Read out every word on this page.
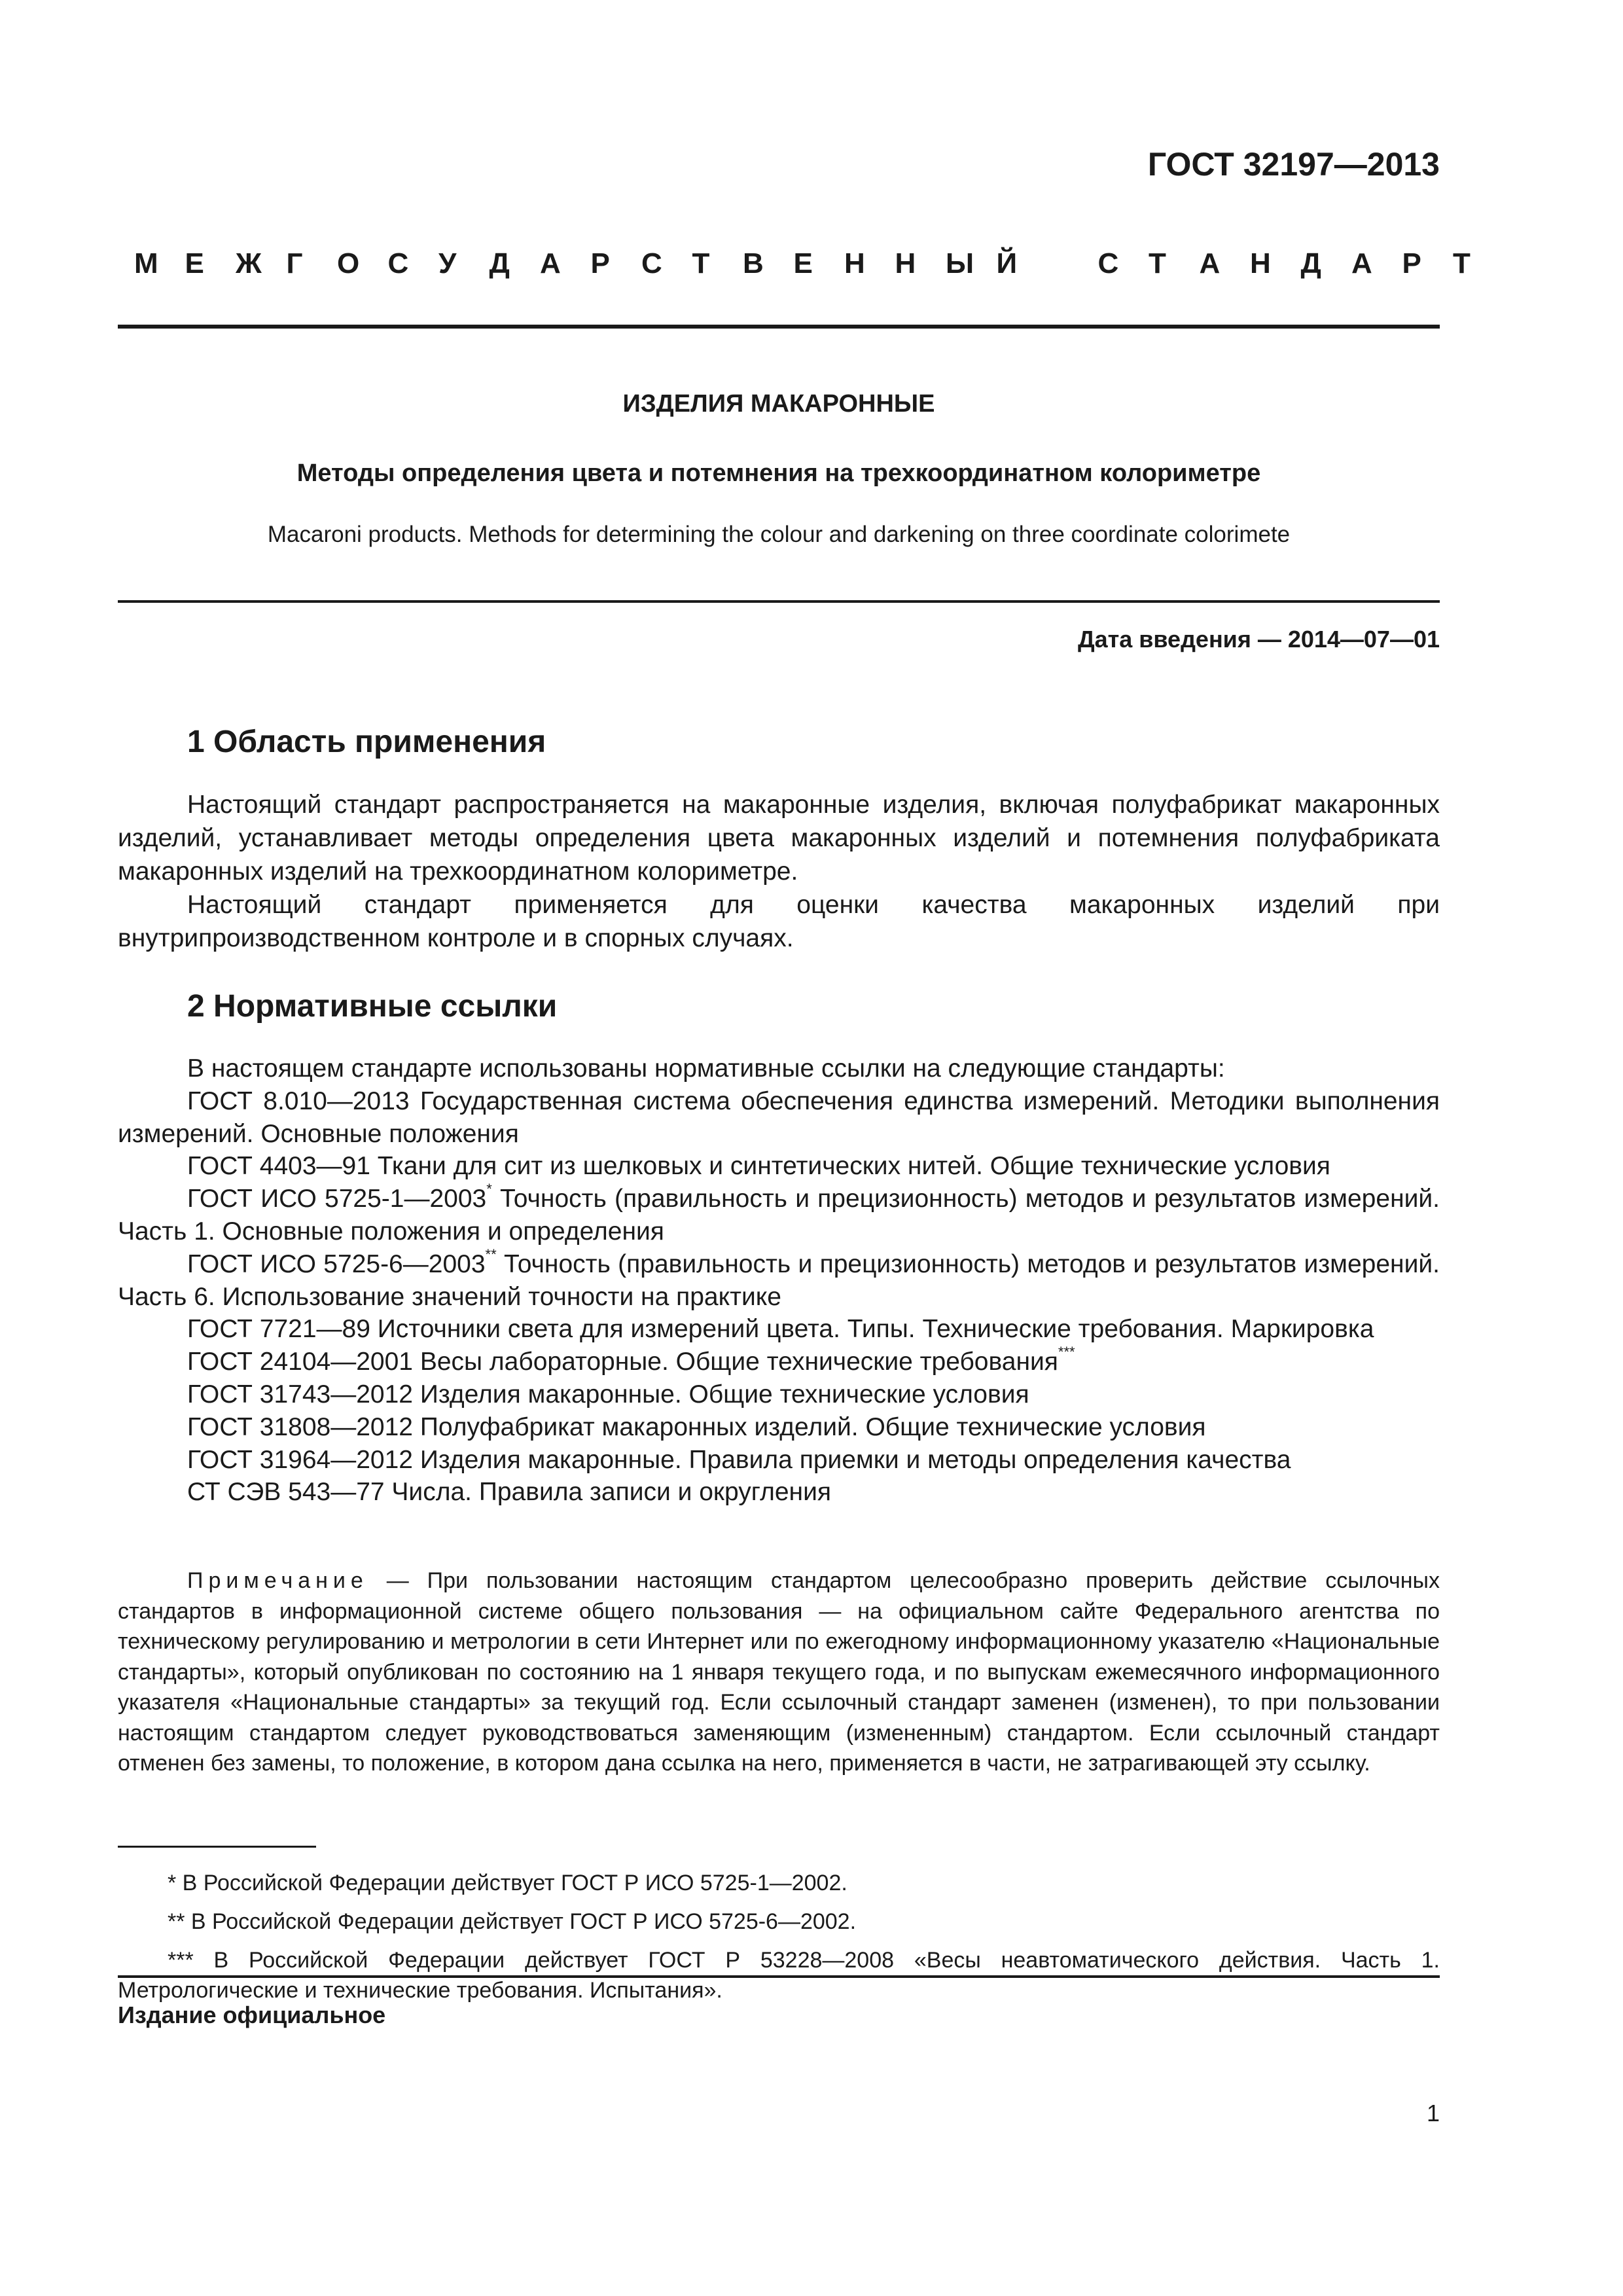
ГОСТ 32197—2013
М Е Ж Г О С У Д А Р С Т В Е Н Н Ы Й	С Т А Н Д А Р Т
ИЗДЕЛИЯ МАКАРОННЫЕ
Методы определения цвета и потемнения на трехкоординатном колориметре
Macaroni products. Methods for determining the colour and darkening on three coordinate colorimete
Дата введения — 2014—07—01
1 Область применения

Настоящий стандарт распространяется на макаронные изделия, включая полуфабрикат макаронных изделий, устанавливает методы определения цвета макаронных изделий и потемнения полуфабриката макаронных изделий на трехкоординатном колориметре.

Настоящий стандарт применяется для оценки качества макаронных изделий при внутрипроизводственном контроле и в спорных случаях.

2 Нормативные ссылки

В настоящем стандарте использованы нормативные ссылки на следующие стандарты:

ГОСТ 8.010—2013 Государственная система обеспечения единства измерений. Методики выполнения измерений. Основные положения

ГОСТ 4403—91 Ткани для сит из шелковых и синтетических нитей. Общие технические условия

ГОСТ ИСО 5725-1—2003* Точность (правильность и прецизионность) методов и результатов измерений. Часть 1. Основные положения и определения

ГОСТ ИСО 5725-6—2003** Точность (правильность и прецизионность) методов и результатов измерений. Часть 6. Использование значений точности на практике

ГОСТ 7721—89 Источники света для измерений цвета. Типы. Технические требования. Маркировка

ГОСТ 24104—2001 Весы лабораторные. Общие технические требования***

ГОСТ 31743—2012 Изделия макаронные. Общие технические условия

ГОСТ 31808—2012 Полуфабрикат макаронных изделий. Общие технические условия

ГОСТ 31964—2012 Изделия макаронные. Правила приемки и методы определения качества

СТ СЭВ 543—77 Числа. Правила записи и округления

Примечание — При пользовании настоящим стандартом целесообразно проверить действие ссылочных стандартов в информационной системе общего пользования — на официальном сайте Федерального агентства по техническому регулированию и метрологии в сети Интернет или по ежегодному информационному указателю «Национальные стандарты», который опубликован по состоянию на 1 января текущего года, и по выпускам ежемесячного информационного указателя «Национальные стандарты» за текущий год. Если ссылочный стандарт заменен (изменен), то при пользовании настоящим стандартом следует руководствоваться заменяющим (измененным) стандартом. Если ссылочный стандарт отменен без замены, то положение, в котором дана ссылка на него, применяется в части, не затрагивающей эту ссылку.

* В Российской Федерации действует ГОСТ Р ИСО 5725-1—2002.

** В Российской Федерации действует ГОСТ Р ИСО 5725-6—2002.

*** В Российской Федерации действует ГОСТ Р 53228—2008 «Весы неавтоматического действия. Часть 1. Метрологические и технические требования. Испытания».

Издание официальное
1
